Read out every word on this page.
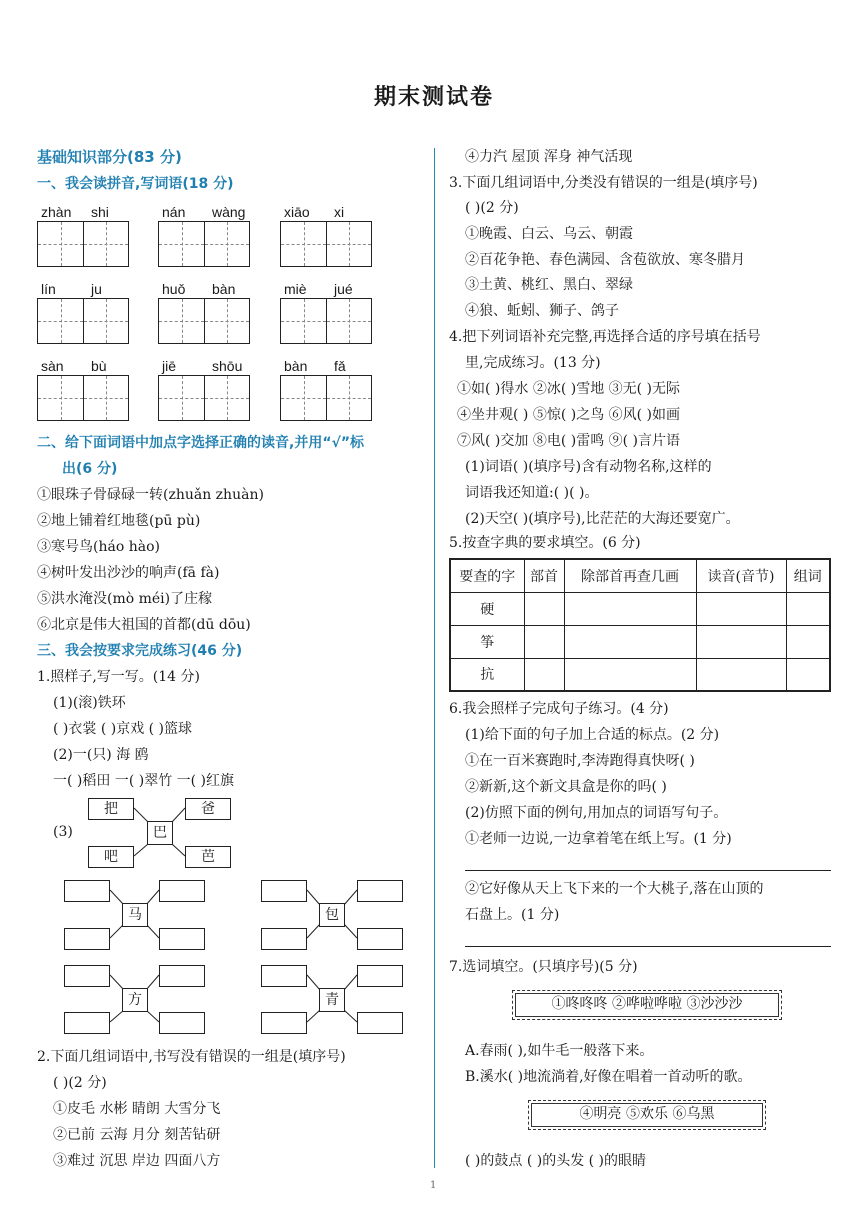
期末测试卷
基础知识部分(83 分)
一、我会读拼音,写词语(18 分)
zhàn shi	nán wàng	xiāo xi
lín	ju	huǒ bàn	miè jué
sàn bù	jiē	shōu	bàn fǎ
二、给下面词语中加点字选择正确的读音,并用“√”标
出(6 分)
①眼珠子骨碌碌一转(zhuǎn zhuàn)
②地上铺着红地毯(pū pù)
③寒号鸟(háo hào)
④树叶发出沙沙的响声(fā fà)
⑤洪水淹没(mò méi)了庄稼
⑥北京是伟大祖国的首都(dū dōu)
三、我会按要求完成练习(46 分)
1.照样子,写一写。(14 分)
(1)(滚)铁环
( )衣裳 ( )京戏 ( )篮球
(2)一(只) 海 鸥
一( )稻田 一( )翠竹 一( )红旗
(3)
把	爸
吧	芭
巴
马	包
方	青
2.下面几组词语中,书写没有错误的一组是(填序号)
( )(2 分)
①皮毛 水彬 睛朗 大雪分飞
②已前 云海 月分 刻苦钻研
③难过 沉思 岸边 四面八方
④力汽 屋顶 浑身 神气活现
3.下面几组词语中,分类没有错误的一组是(填序号)
( )(2 分)
①晚霞、白云、乌云、朝霞
②百花争艳、春色满园、含苞欲放、寒冬腊月
③土黄、桃红、黑白、翠绿
④狼、蚯蚓、狮子、鸽子
4.把下列词语补充完整,再选择合适的序号填在括号
里,完成练习。(13 分)
①如( )得水 ②冰( )雪地 ③无( )无际
④坐井观( ) ⑤惊( )之鸟 ⑥风( )如画
⑦风( )交加 ⑧电( )雷鸣 ⑨( )言片语
(1)词语( )(填序号)含有动物名称,这样的
词语我还知道:( )( )。
(2)天空( )(填序号),比茫茫的大海还要宽广。
5.按查字典的要求填空。(6 分)
要查的字	部首	除部首再查几画	读音(音节)	组词
硬				
筝				
抗				
6.我会照样子完成句子练习。(4 分)
(1)给下面的句子加上合适的标点。(2 分)
①在一百米赛跑时,李涛跑得真快呀( )
②新新,这个新文具盒是你的吗( )
(2)仿照下面的例句,用加点的词语写句子。
①老师一边说,一边拿着笔在纸上写。(1 分)
②它好像从天上飞下来的一个大桃子,落在山顶的
石盘上。(1 分)
7.选词填空。(只填序号)(5 分)
①咚咚咚 ②哗啦哗啦 ③沙沙沙
A.春雨( ),如牛毛一般落下来。
B.溪水( )地流淌着,好像在唱着一首动听的歌。
④明亮 ⑤欢乐 ⑥乌黑
( )的鼓点 ( )的头发 ( )的眼睛
1
